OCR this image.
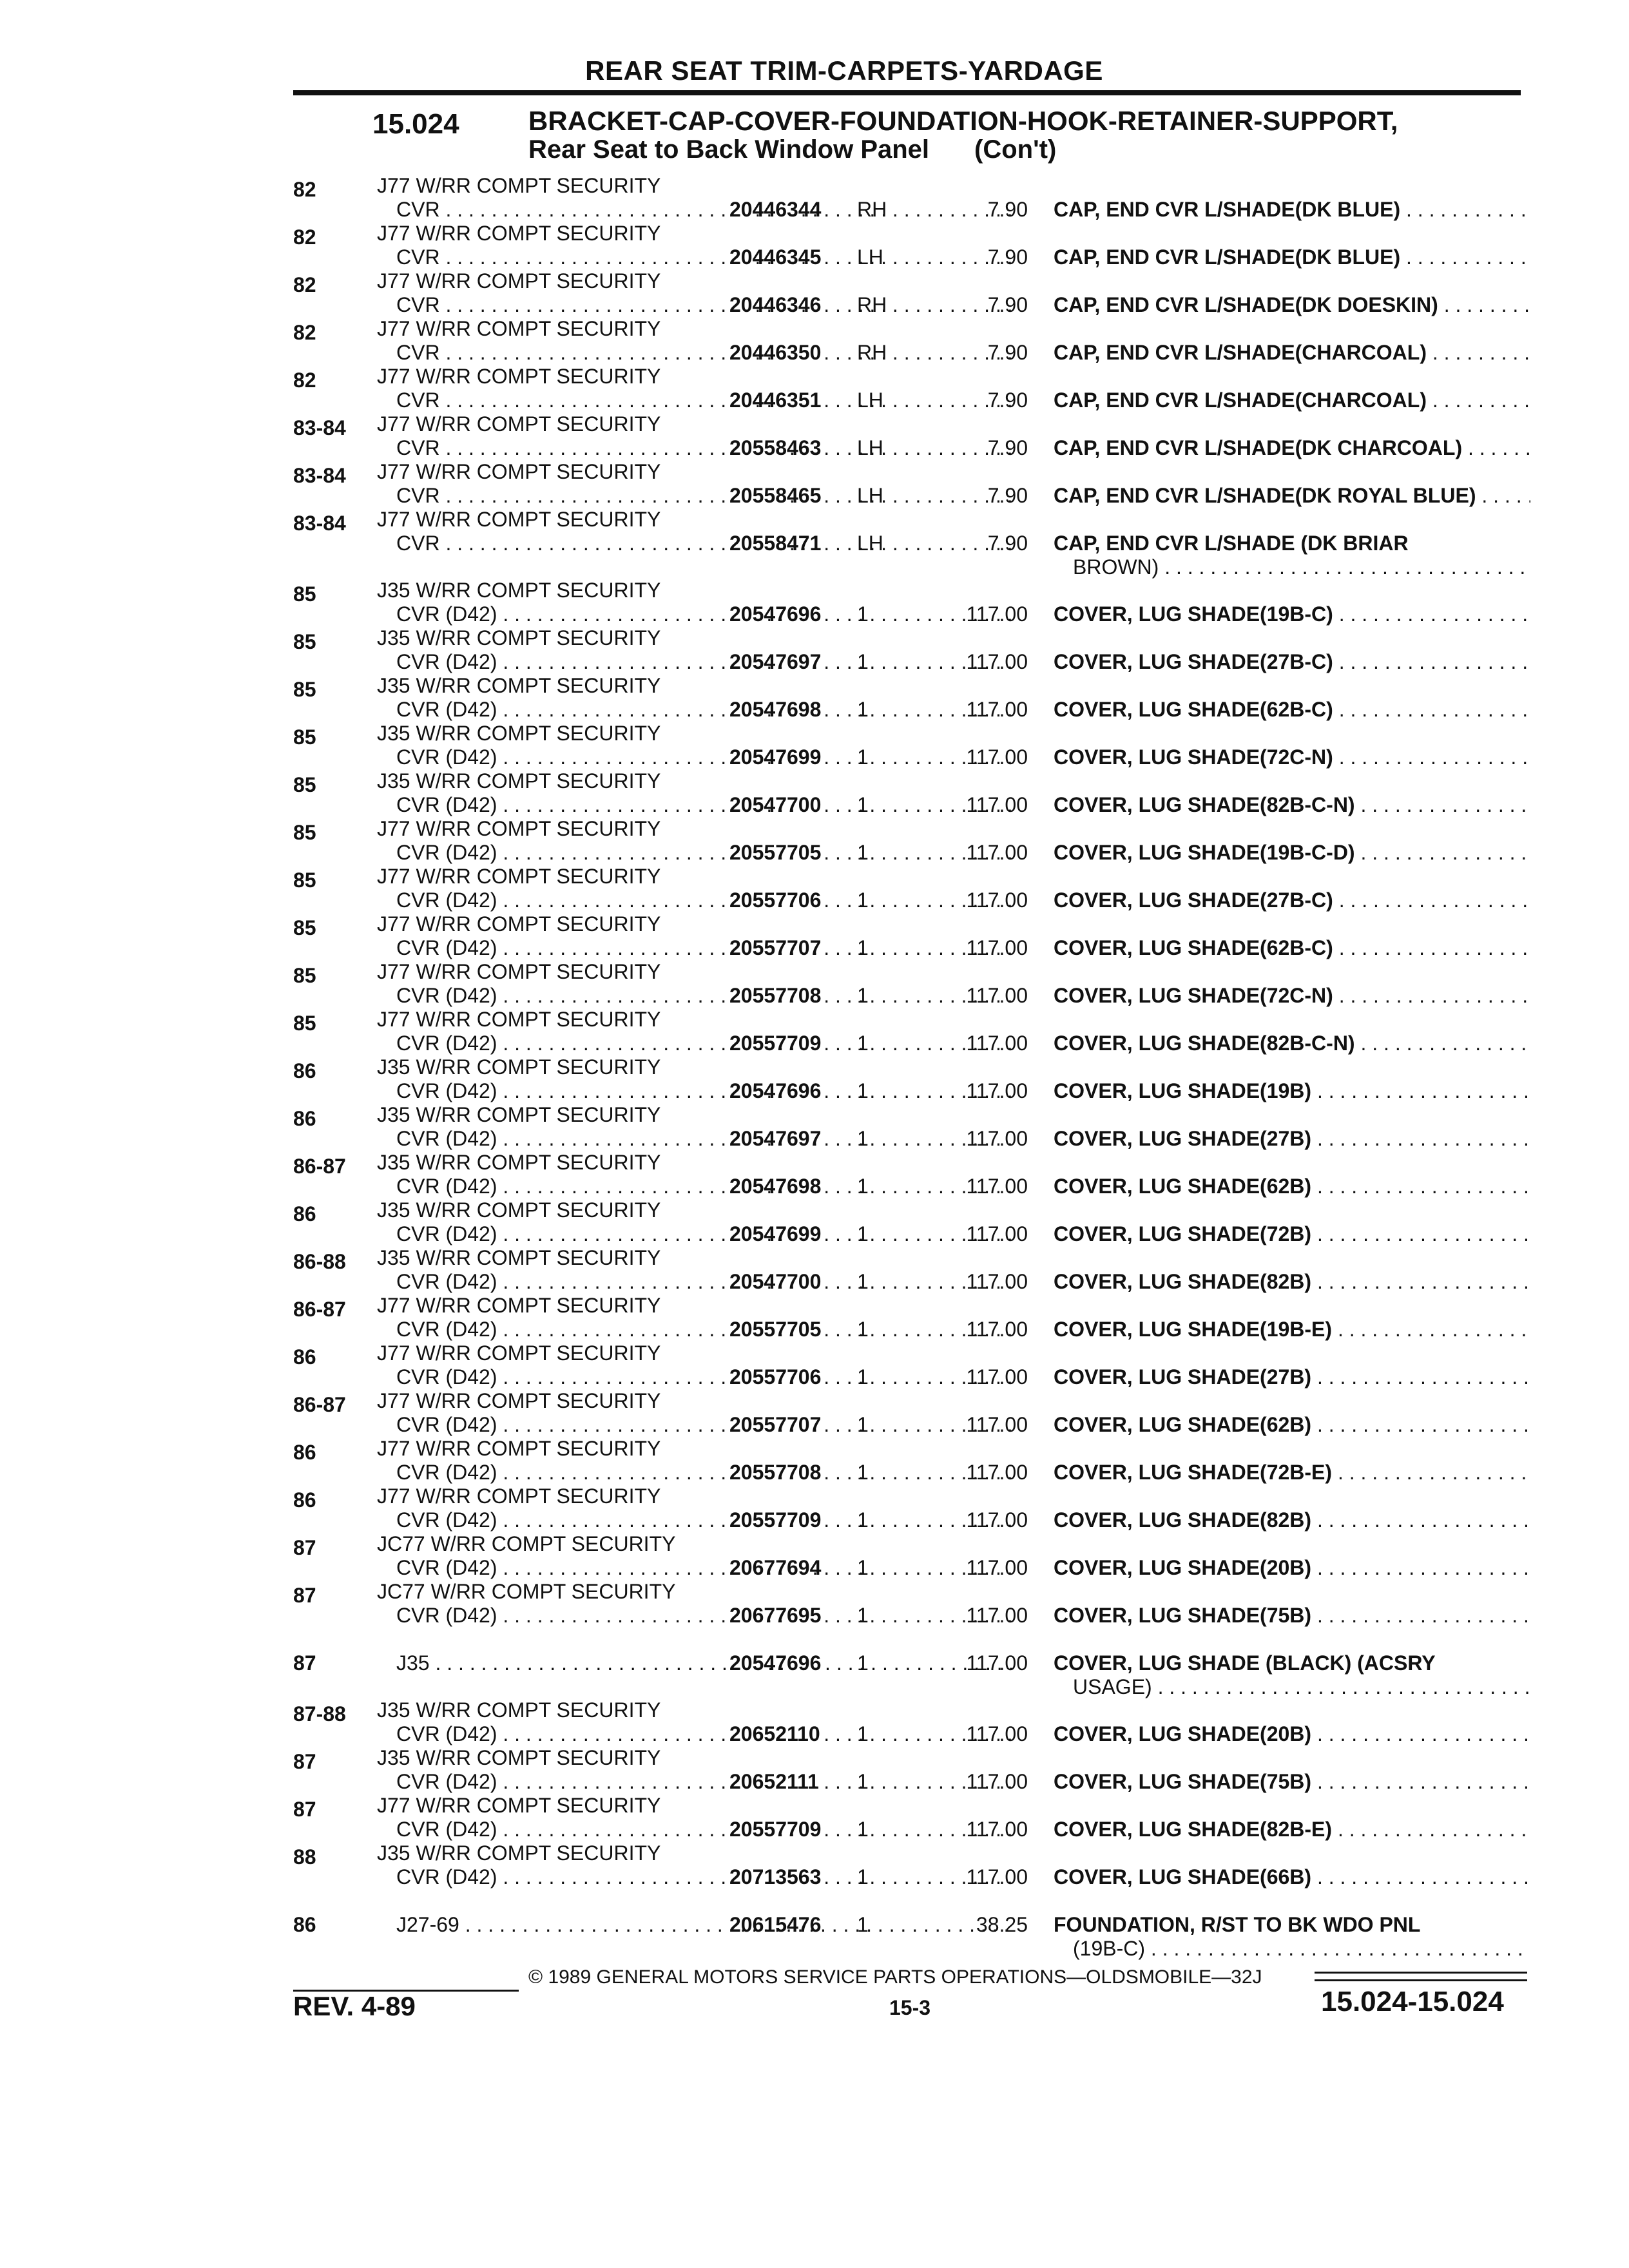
REAR SEAT TRIM-CARPETS-YARDAGE
15.024	BRACKET-CAP-COVER-FOUNDATION-HOOK-RETAINER-SUPPORT,
Rear Seat to Back Window Panel (Con't)
82	J77 W/RR COMPT SECURITY
CVR . . .	20446344 RH	7.90 CAP, END CVR L/SHADE(DK BLUE) . . .
82	J77 W/RR COMPT SECURITY
CVR . . .	20446345 LH	7.90 CAP, END CVR L/SHADE(DK BLUE) . . .
82	J77 W/RR COMPT SECURITY
CVR . . .	20446346 RH	7.90 CAP, END CVR L/SHADE(DK DOESKIN) . . .
82	J77 W/RR COMPT SECURITY
CVR . . .	20446350 RH	7.90 CAP, END CVR L/SHADE(CHARCOAL) . . .
82	J77 W/RR COMPT SECURITY
CVR . . .	20446351 LH	7.90 CAP, END CVR L/SHADE(CHARCOAL) . . .
83-84 J77 W/RR COMPT SECURITY
CVR . . .	20558463 LH	7.90 CAP, END CVR L/SHADE(DK CHARCOAL) . . .
83-84 J77 W/RR COMPT SECURITY
CVR . . .	20558465 LH	7.90 CAP, END CVR L/SHADE(DK ROYAL BLUE) . . .
83-84 J77 W/RR COMPT SECURITY
CVR . . .	20558471 LH	7.90 CAP, END CVR L/SHADE (DK BRIAR
BROWN) . . .
85	J35 W/RR COMPT SECURITY
CVR (D42) . . .	20547696 1	117.00 COVER, LUG SHADE(19B-C) . . .
85	J35 W/RR COMPT SECURITY
CVR (D42) . . .	20547697 1	117.00 COVER, LUG SHADE(27B-C) . . .
85	J35 W/RR COMPT SECURITY
CVR (D42) . . .	20547698 1	117.00 COVER, LUG SHADE(62B-C) . . .
85	J35 W/RR COMPT SECURITY
CVR (D42) . . .	20547699 1	117.00 COVER, LUG SHADE(72C-N) . . .
85	J35 W/RR COMPT SECURITY
CVR (D42) . . .	20547700 1	117.00 COVER, LUG SHADE(82B-C-N) . . .
85	J77 W/RR COMPT SECURITY
CVR (D42) . . .	20557705 1	117.00 COVER, LUG SHADE(19B-C-D) . . .
85	J77 W/RR COMPT SECURITY
CVR (D42) . . .	20557706 1	117.00 COVER, LUG SHADE(27B-C) . . .
85	J77 W/RR COMPT SECURITY
CVR (D42) . . .	20557707 1	117.00 COVER, LUG SHADE(62B-C) . . .
85	J77 W/RR COMPT SECURITY
CVR (D42) . . .	20557708 1	117.00 COVER, LUG SHADE(72C-N) . . .
85	J77 W/RR COMPT SECURITY
CVR (D42) . . .	20557709 1	117.00 COVER, LUG SHADE(82B-C-N) . . .
86	J35 W/RR COMPT SECURITY
CVR (D42) . . .	20547696 1	117.00 COVER, LUG SHADE(19B) . . .
86	J35 W/RR COMPT SECURITY
CVR (D42) . . .	20547697 1	117.00 COVER, LUG SHADE(27B) . . .
86-87 J35 W/RR COMPT SECURITY
CVR (D42) . . .	20547698 1	117.00 COVER, LUG SHADE(62B) . . .
86	J35 W/RR COMPT SECURITY
CVR (D42) . . .	20547699 1	117.00 COVER, LUG SHADE(72B) . . .
86-88 J35 W/RR COMPT SECURITY
CVR (D42) . . .	20547700 1	117.00 COVER, LUG SHADE(82B) . . .
86-87 J77 W/RR COMPT SECURITY
CVR (D42) . . .	20557705 1	117.00 COVER, LUG SHADE(19B-E) . . .
86	J77 W/RR COMPT SECURITY
CVR (D42) . . .	20557706 1	117.00 COVER, LUG SHADE(27B) . . .
86-87 J77 W/RR COMPT SECURITY
CVR (D42) . . .	20557707 1	117.00 COVER, LUG SHADE(62B) . . .
86	J77 W/RR COMPT SECURITY
CVR (D42) . . .	20557708 1	117.00 COVER, LUG SHADE(72B-E) . . .
86	J77 W/RR COMPT SECURITY
CVR (D42) . . .	20557709 1	117.00 COVER, LUG SHADE(82B) . . .
87	JC77 W/RR COMPT SECURITY
CVR (D42) . . .	20677694 1	117.00 COVER, LUG SHADE(20B) . . .
87	JC77 W/RR COMPT SECURITY
CVR (D42) . . .	20677695 1	117.00 COVER, LUG SHADE(75B) . . .
87	J35 . . .	20547696 1	117.00 COVER, LUG SHADE (BLACK) (ACSRY
USAGE) . . .
87-88 J35 W/RR COMPT SECURITY
CVR (D42) . . .	20652110 1	117.00 COVER, LUG SHADE(20B) . . .
87	J35 W/RR COMPT SECURITY
CVR (D42) . . .	20652111 1	117.00 COVER, LUG SHADE(75B) . . .
87	J77 W/RR COMPT SECURITY
CVR (D42) . . .	20557709 1	117.00 COVER, LUG SHADE(82B-E) . . .
88	J35 W/RR COMPT SECURITY
CVR (D42) . . .	20713563 1	117.00 COVER, LUG SHADE(66B) . . .
86	J27-69 . . .	20615476 1	38.25 FOUNDATION, R/ST TO BK WDO PNL
(19B-C) . . .
© 1989 GENERAL MOTORS SERVICE PARTS OPERATIONS—OLDSMOBILE—32J
REV. 4-89	15-3	15.024-15.024
